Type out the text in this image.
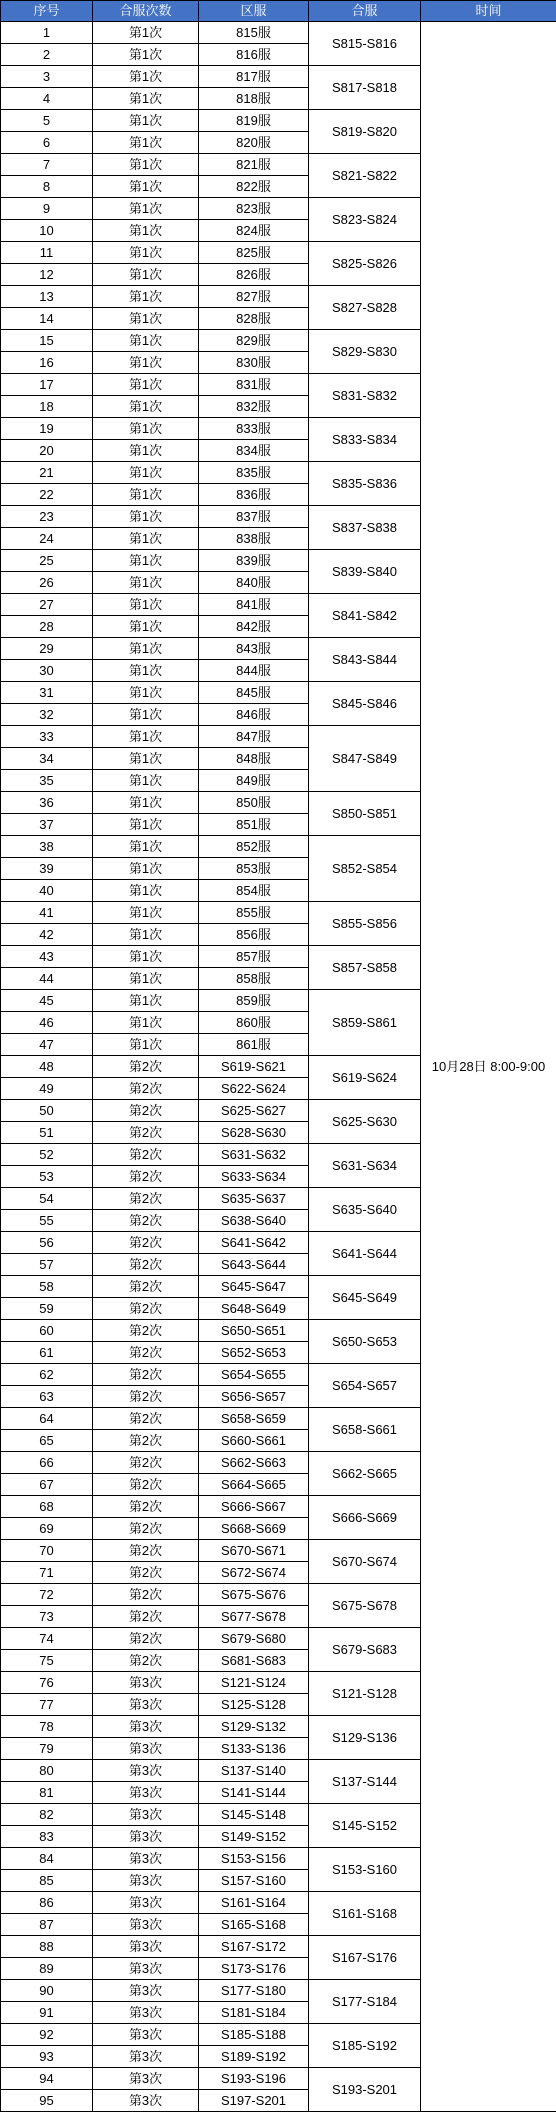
序号	合服次数	区服	合服	时间
1	第1次	815服	S815-S816	10月28日 8:00-9:00
2	第1次	816服		
3	第1次	817服	S817-S818	
4	第1次	818服		
5	第1次	819服	S819-S820	
6	第1次	820服		
7	第1次	821服	S821-S822	
8	第1次	822服		
9	第1次	823服	S823-S824	
10	第1次	824服		
11	第1次	825服	S825-S826	
12	第1次	826服		
13	第1次	827服	S827-S828	
14	第1次	828服		
15	第1次	829服	S829-S830	
16	第1次	830服		
17	第1次	831服	S831-S832	
18	第1次	832服		
19	第1次	833服	S833-S834	
20	第1次	834服		
21	第1次	835服	S835-S836	
22	第1次	836服		
23	第1次	837服	S837-S838	
24	第1次	838服		
25	第1次	839服	S839-S840	
26	第1次	840服		
27	第1次	841服	S841-S842	
28	第1次	842服		
29	第1次	843服	S843-S844	
30	第1次	844服		
31	第1次	845服	S845-S846	
32	第1次	846服		
33	第1次	847服	S847-S849	
34	第1次	848服		
35	第1次	849服		
36	第1次	850服	S850-S851	
37	第1次	851服		
38	第1次	852服	S852-S854	
39	第1次	853服		
40	第1次	854服		
41	第1次	855服	S855-S856	
42	第1次	856服		
43	第1次	857服	S857-S858	
44	第1次	858服		
45	第1次	859服	S859-S861	
46	第1次	860服		
47	第1次	861服		
48	第2次	S619-S621	S619-S624	
49	第2次	S622-S624		
50	第2次	S625-S627	S625-S630	
51	第2次	S628-S630		
52	第2次	S631-S632	S631-S634	
53	第2次	S633-S634		
54	第2次	S635-S637	S635-S640	
55	第2次	S638-S640		
56	第2次	S641-S642	S641-S644	
57	第2次	S643-S644		
58	第2次	S645-S647	S645-S649	
59	第2次	S648-S649		
60	第2次	S650-S651	S650-S653	
61	第2次	S652-S653		
62	第2次	S654-S655	S654-S657	
63	第2次	S656-S657		
64	第2次	S658-S659	S658-S661	
65	第2次	S660-S661		
66	第2次	S662-S663	S662-S665	
67	第2次	S664-S665		
68	第2次	S666-S667	S666-S669	
69	第2次	S668-S669		
70	第2次	S670-S671	S670-S674	
71	第2次	S672-S674		
72	第2次	S675-S676	S675-S678	
73	第2次	S677-S678		
74	第2次	S679-S680	S679-S683	
75	第2次	S681-S683		
76	第3次	S121-S124	S121-S128	
77	第3次	S125-S128		
78	第3次	S129-S132	S129-S136	
79	第3次	S133-S136		
80	第3次	S137-S140	S137-S144	
81	第3次	S141-S144		
82	第3次	S145-S148	S145-S152	
83	第3次	S149-S152		
84	第3次	S153-S156	S153-S160	
85	第3次	S157-S160		
86	第3次	S161-S164	S161-S168	
87	第3次	S165-S168		
88	第3次	S167-S172	S167-S176	
89	第3次	S173-S176		
90	第3次	S177-S180	S177-S184	
91	第3次	S181-S184		
92	第3次	S185-S188	S185-S192	
93	第3次	S189-S192		
94	第3次	S193-S196	S193-S201	
95	第3次	S197-S201		
